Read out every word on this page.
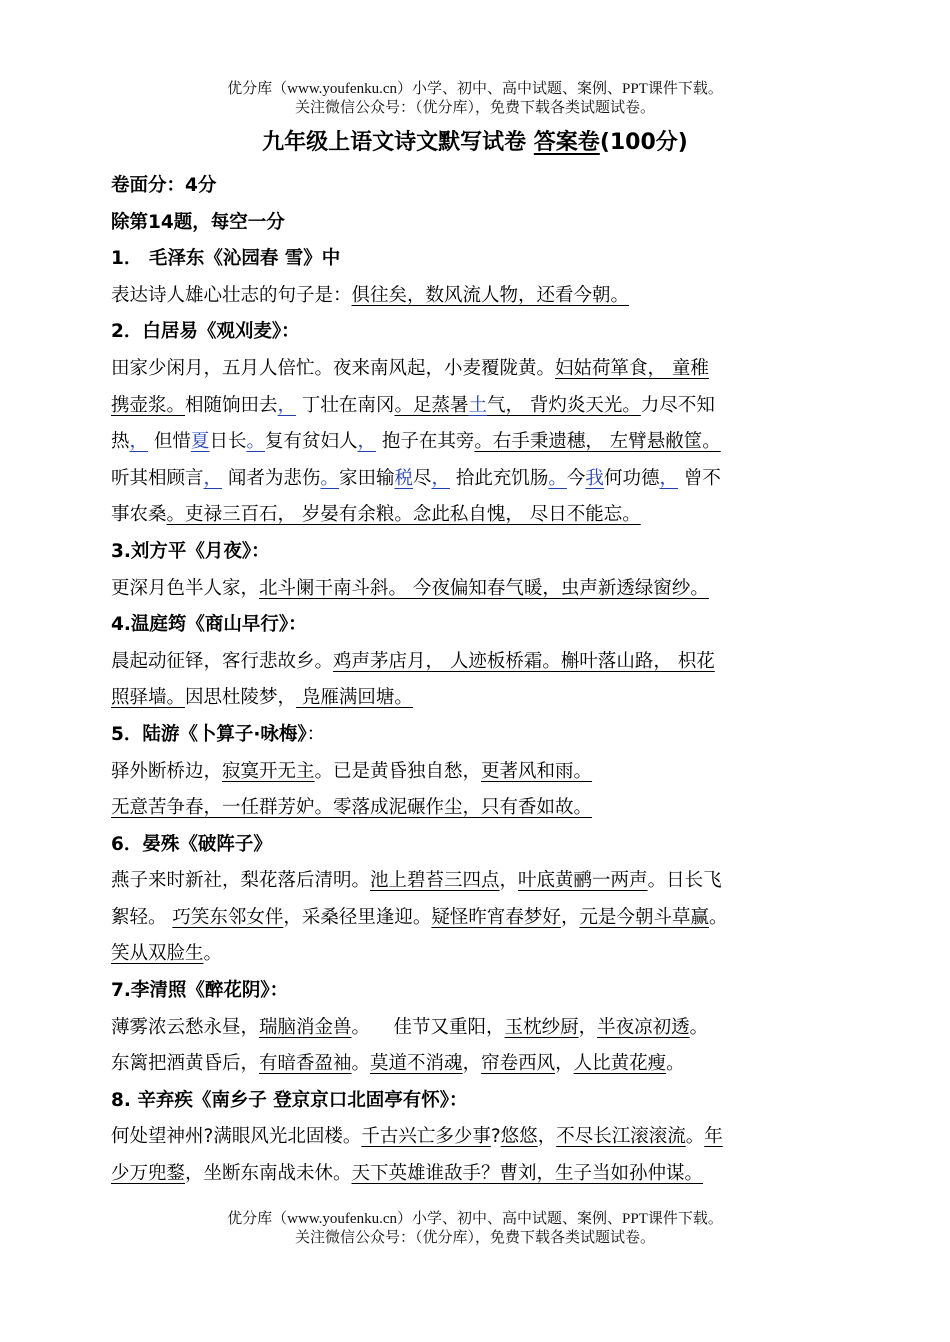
优分库（www.youfenku.cn）小学、初中、高中试题、案例、PPT课件下载。
关注微信公众号：（优分库），免费下载各类试题试卷。
九年级上语文诗文默写试卷 答案卷(100分)
卷面分：4分
除第14题，每空一分
1． 毛泽东《沁园春 雪》中
表达诗人雄心壮志的句子是：俱往矣，数风流人物，还看今朝。
2．白居易《观刈麦》：
田家少闲月，五月人倍忙。夜来南风起，小麦覆陇黄。妇姑荷箪食， 童稚
携壶浆。相随饷田去， 丁壮在南冈。足蒸暑土气， 背灼炎天光。力尽不知
热， 但惜夏日长。复有贫妇人， 抱子在其旁。右手秉遗穗， 左臂悬敝筐。
听其相顾言， 闻者为悲伤。家田输税尽， 拾此充饥肠。今我何功德， 曾不
事农桑。吏禄三百石， 岁晏有余粮。念此私自愧， 尽日不能忘。
3.刘方平《月夜》：
更深月色半人家，北斗阑干南斗斜。 今夜偏知春气暖，虫声新透绿窗纱。
4.温庭筠《商山早行》：
晨起动征铎，客行悲故乡。鸡声茅店月， 人迹板桥霜。槲叶落山路， 枳花
照驿墙。因思杜陵梦， 凫雁满回塘。
5．陆游《卜算子·咏梅》：
驿外断桥边，寂寞开无主。已是黄昏独自愁，更著风和雨。
无意苦争春，一任群芳妒。零落成泥碾作尘，只有香如故。
6．晏殊《破阵子》
燕子来时新社，梨花落后清明。池上碧苔三四点，叶底黄鹂一两声。日长飞
絮轻。 巧笑东邻女伴，采桑径里逢迎。疑怪昨宵春梦好，元是今朝斗草赢。
笑从双脸生。
7.李清照《醉花阴》：
薄雾浓云愁永昼，瑞脑消金兽。    佳节又重阳，玉枕纱厨，半夜凉初透。
东篱把酒黄昏后，有暗香盈袖。莫道不消魂，帘卷西风，人比黄花瘦。
8. 辛弃疾《南乡子 登京京口北固亭有怀》：
何处望神州?满眼风光北固楼。千古兴亡多少事?悠悠，不尽长江滚滚流。年
少万兜鍪，坐断东南战未休。天下英雄谁敌手？曹刘，生子当如孙仲谋。
优分库（www.youfenku.cn）小学、初中、高中试题、案例、PPT课件下载。
关注微信公众号：（优分库），免费下载各类试题试卷。
